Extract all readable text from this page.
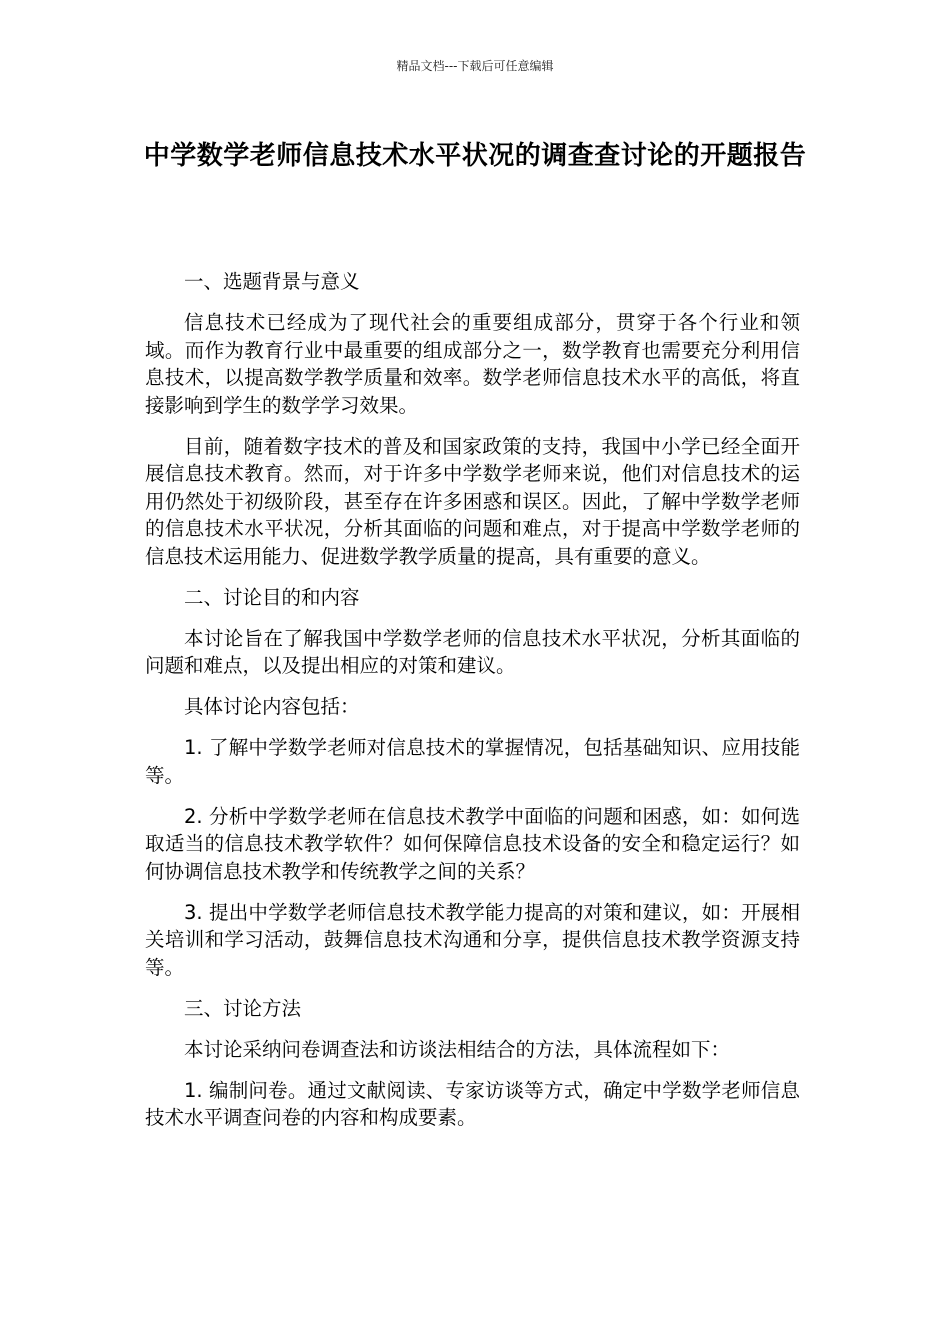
精品文档---下载后可任意编辑
中学数学老师信息技术水平状况的调查查讨论的开题报告

一、选题背景与意义

信息技术已经成为了现代社会的重要组成部分，贯穿于各个行业和领域。而作为教育行业中最重要的组成部分之一，数学教育也需要充分利用信息技术，以提高数学教学质量和效率。数学老师信息技术水平的高低，将直接影响到学生的数学学习效果。

目前，随着数字技术的普及和国家政策的支持，我国中小学已经全面开展信息技术教育。然而，对于许多中学数学老师来说，他们对信息技术的运用仍然处于初级阶段，甚至存在许多困惑和误区。因此，了解中学数学老师的信息技术水平状况，分析其面临的问题和难点，对于提高中学数学老师的信息技术运用能力、促进数学教学质量的提高，具有重要的意义。

二、讨论目的和内容

本讨论旨在了解我国中学数学老师的信息技术水平状况，分析其面临的问题和难点，以及提出相应的对策和建议。

具体讨论内容包括：

1. 了解中学数学老师对信息技术的掌握情况，包括基础知识、应用技能等。

2. 分析中学数学老师在信息技术教学中面临的问题和困惑，如：如何选取适当的信息技术教学软件？如何保障信息技术设备的安全和稳定运行？如何协调信息技术教学和传统教学之间的关系？

3. 提出中学数学老师信息技术教学能力提高的对策和建议，如：开展相关培训和学习活动，鼓舞信息技术沟通和分享，提供信息技术教学资源支持等。

三、讨论方法

本讨论采纳问卷调查法和访谈法相结合的方法，具体流程如下：

1. 编制问卷。通过文献阅读、专家访谈等方式，确定中学数学老师信息技术水平调查问卷的内容和构成要素。
